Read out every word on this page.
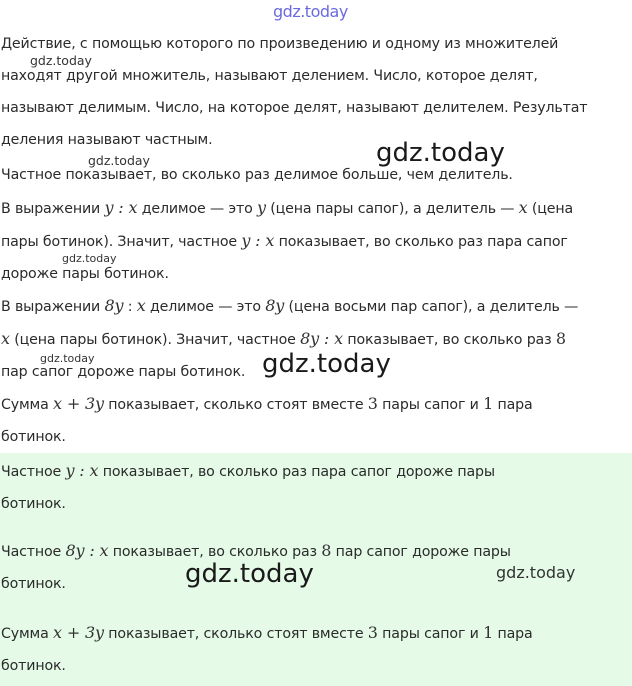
Действие, с помощью которого по произведению и одному из множителей
находят другой множитель, называют делением. Число, которое делят,
называют делимым. Число, на которое делят, называют делителем. Результат
деления называют частным.
Частное показывает, во сколько раз делимое больше, чем делитель.
В выражении y : x делимое — это y (цена пары сапог), а делитель — x (цена
пары ботинок). Значит, частное y : x показывает, во сколько раз пара сапог
дороже пары ботинок.
В выражении 8y : x делимое — это 8y (цена восьми пар сапог), а делитель —
x (цена пары ботинок). Значит, частное 8y : x показывает, во сколько раз 8
пар сапог дороже пары ботинок.
Сумма x + 3y показывает, сколько стоят вместе 3 пары сапог и 1 пара
ботинок.
Частное y : x показывает, во сколько раз пара сапог дороже пары
ботинок.
Частное 8y : x показывает, во сколько раз 8 пар сапог дороже пары
ботинок.
Сумма x + 3y показывает, сколько стоят вместе 3 пары сапог и 1 пара
ботинок.
gdz.today
gdz.today
gdz.today	gdz.today
gdz.today
gdz.today	gdz.today
gdz.today	gdz.today
